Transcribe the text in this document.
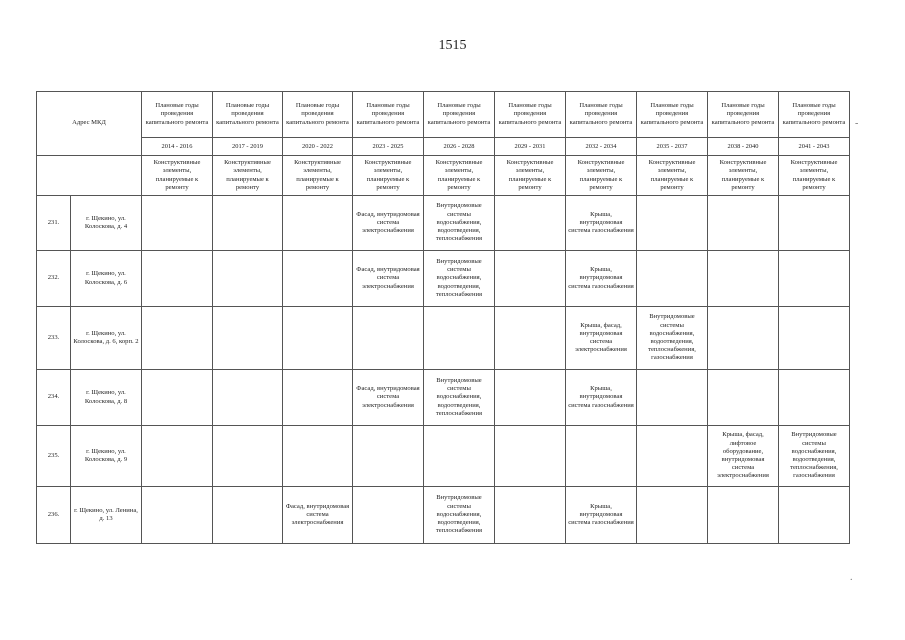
1515
Адрес МКД		Плановые годы проведения капитального ремонта	Плановые годы проведения капитального ремонта	Плановые годы проведения капитального ремонта	Плановые годы проведения капитального ремонта	Плановые годы проведения капитального ремонта	Плановые годы проведения капитального ремонта	Плановые годы проведения капитального ремонта	Плановые годы проведения капитального ремонта	Плановые годы проведения капитального ремонта	Плановые годы проведения капитального ремонта
		2014 - 2016	2017 - 2019	2020 - 2022	2023 - 2025	2026 - 2028	2029 - 2031	2032 - 2034	2035 - 2037	2038 - 2040	2041 - 2043
		Конструктивные элементы, планируемые к ремонту	Конструктивные элементы, планируемые к ремонту	Конструктивные элементы, планируемые к ремонту	Конструктивные элементы, планируемые к ремонту	Конструктивные элементы, планируемые к ремонту	Конструктивные элементы, планируемые к ремонту	Конструктивные элементы, планируемые к ремонту	Конструктивные элементы, планируемые к ремонту	Конструктивные элементы, планируемые к ремонту	Конструктивные элементы, планируемые к ремонту
231.	г. Щекино, ул. Колоскова, д. 4				Фасад, внутридомовая система электроснабжения	Внутридомовые системы водоснабжения, водоотведения, теплоснабжения		Крыша, внутридомовая система газоснабжения			
232.	г. Щекино, ул. Колоскова, д. 6				Фасад, внутридомовая система электроснабжения	Внутридомовые системы водоснабжения, водоотведения, теплоснабжения		Крыша, внутридомовая система газоснабжения			
233.	г. Щекино, ул. Колоскова, д. 6, корп. 2							Крыша, фасад, внутридомовая система электроснабжения	Внутридомовые системы водоснабжения, водоотведения, теплоснабжения, газоснабжения		
234.	г. Щекино, ул. Колоскова, д. 8				Фасад, внутридомовая система электроснабжения	Внутридомовые системы водоснабжения, водоотведения, теплоснабжения		Крыша, внутридомовая система газоснабжения			
235.	г. Щекино, ул. Колоскова, д. 9									Крыша, фасад, лифтовое оборудование, внутридомовая система электроснабжения	Внутридомовые системы водоснабжения, водоотведения, теплоснабжения, газоснабжения
236.	г. Щекино, ул. Ленина, д. 13			Фасад, внутридомовая система электроснабжения		Внутридомовые системы водоснабжения, водоотведения, теплоснабжения		Крыша, внутридомовая система газоснабжения			
-
.
